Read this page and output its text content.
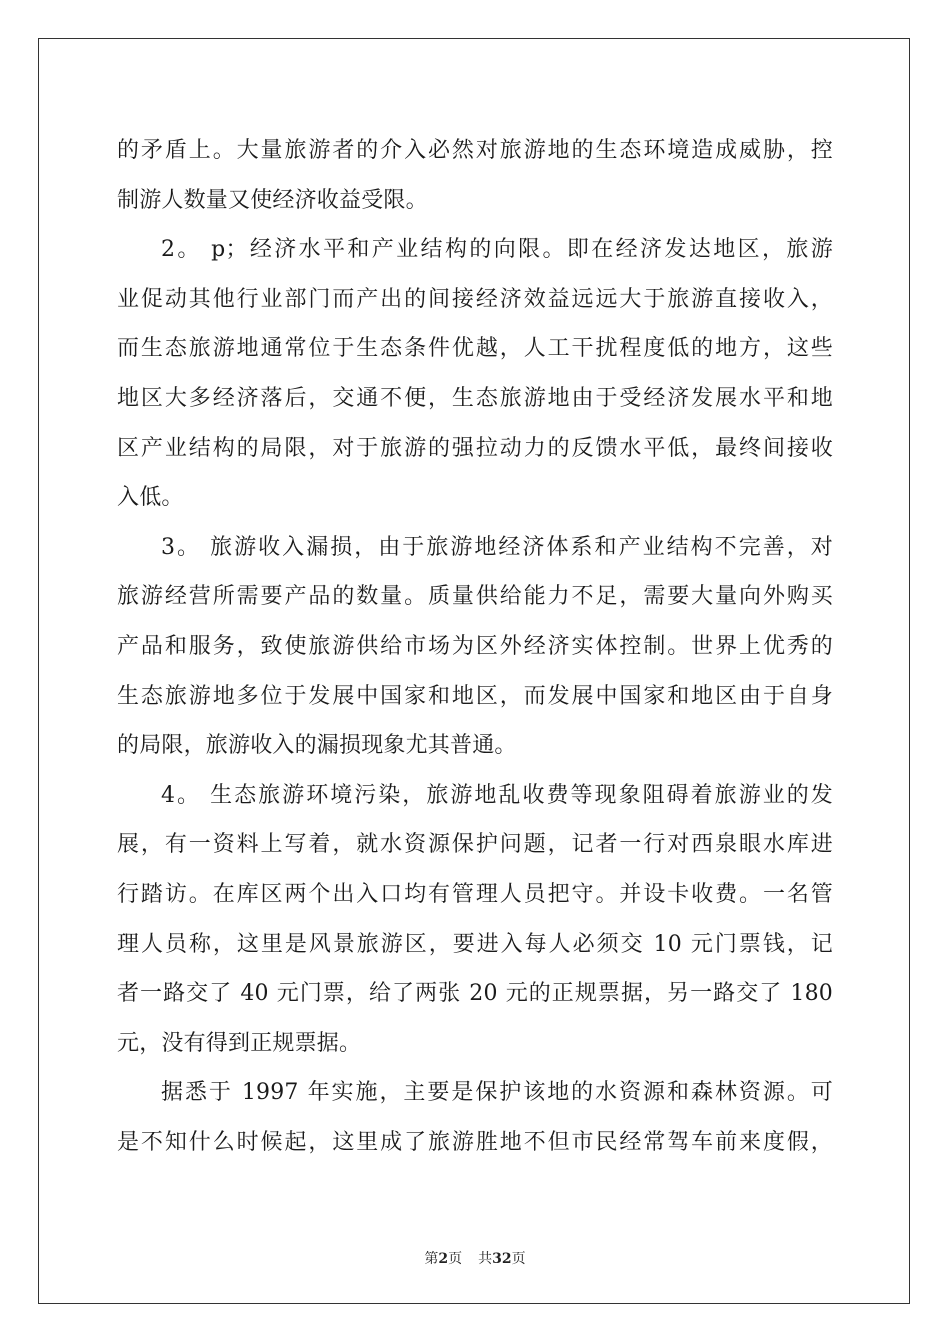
的矛盾上。大量旅游者的介入必然对旅游地的生态环境造成威胁，控
制游人数量又使经济收益受限。
2。 p；经济水平和产业结构的向限。即在经济发达地区，旅游
业促动其他行业部门而产出的间接经济效益远远大于旅游直接收入，
而生态旅游地通常位于生态条件优越，人工干扰程度低的地方，这些
地区大多经济落后，交通不便，生态旅游地由于受经济发展水平和地
区产业结构的局限，对于旅游的强拉动力的反馈水平低，最终间接收
入低。
3。 旅游收入漏损，由于旅游地经济体系和产业结构不完善，对
旅游经营所需要产品的数量。质量供给能力不足，需要大量向外购买
产品和服务，致使旅游供给市场为区外经济实体控制。世界上优秀的
生态旅游地多位于发展中国家和地区，而发展中国家和地区由于自身
的局限，旅游收入的漏损现象尤其普通。
4。 生态旅游环境污染，旅游地乱收费等现象阻碍着旅游业的发
展，有一资料上写着，就水资源保护问题，记者一行对西泉眼水库进
行踏访。在库区两个出入口均有管理人员把守。并设卡收费。一名管
理人员称，这里是风景旅游区，要进入每人必须交 10 元门票钱，记
者一路交了 40 元门票，给了两张 20 元的正规票据，另一路交了 180
元，没有得到正规票据。
据悉于 1997 年实施，主要是保护该地的水资源和森林资源。可
是不知什么时候起，这里成了旅游胜地不但市民经常驾车前来度假，
第2页 共32页
